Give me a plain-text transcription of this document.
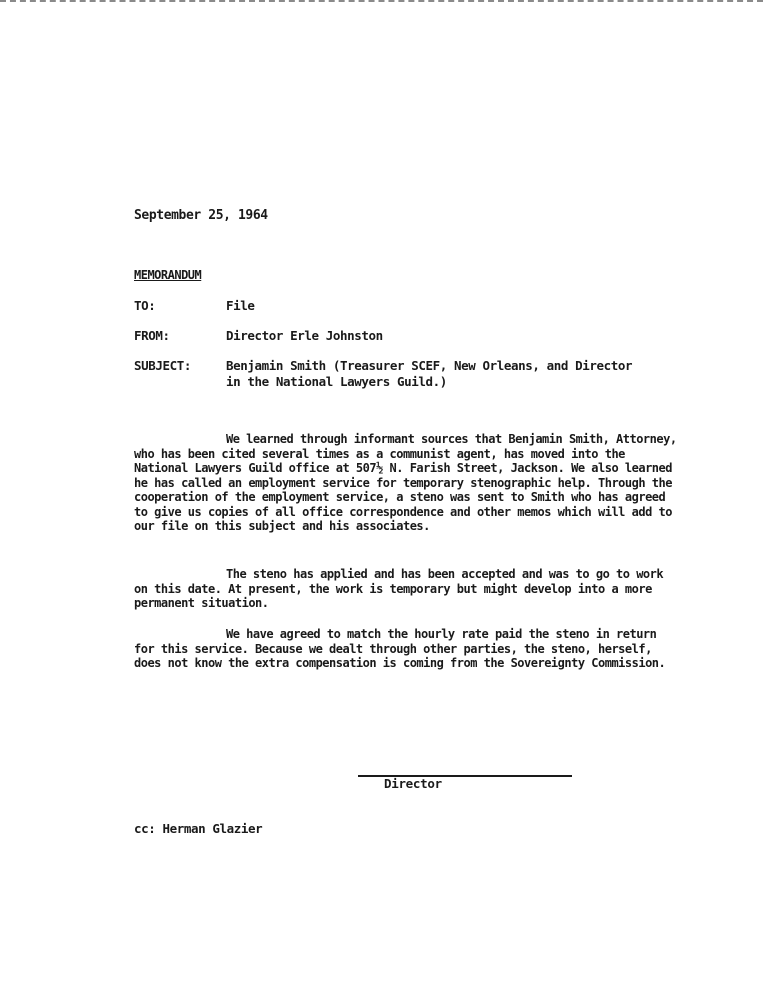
September 25, 1964
MEMORANDUM
TO:	File
FROM:	Director Erle Johnston
SUBJECT:	Benjamin Smith (Treasurer SCEF, New Orleans, and Director
in the National Lawyers Guild.)

We learned through informant sources that Benjamin Smith, Attorney, who has been cited several times as a communist agent, has moved into the National Lawyers Guild office at 507½ N. Farish Street, Jackson. We also learned he has called an employment service for temporary stenographic help. Through the cooperation of the employment service, a steno was sent to Smith who has agreed to give us copies of all office correspondence and other memos which will add to our file on this subject and his associates.

The steno has applied and has been accepted and was to go to work on this date. At present, the work is temporary but might develop into a more permanent situation.

We have agreed to match the hourly rate paid the steno in return for this service. Because we dealt through other parties, the steno, herself, does not know the extra compensation is coming from the Sovereignty Commission.

Director
cc: Herman Glazier
